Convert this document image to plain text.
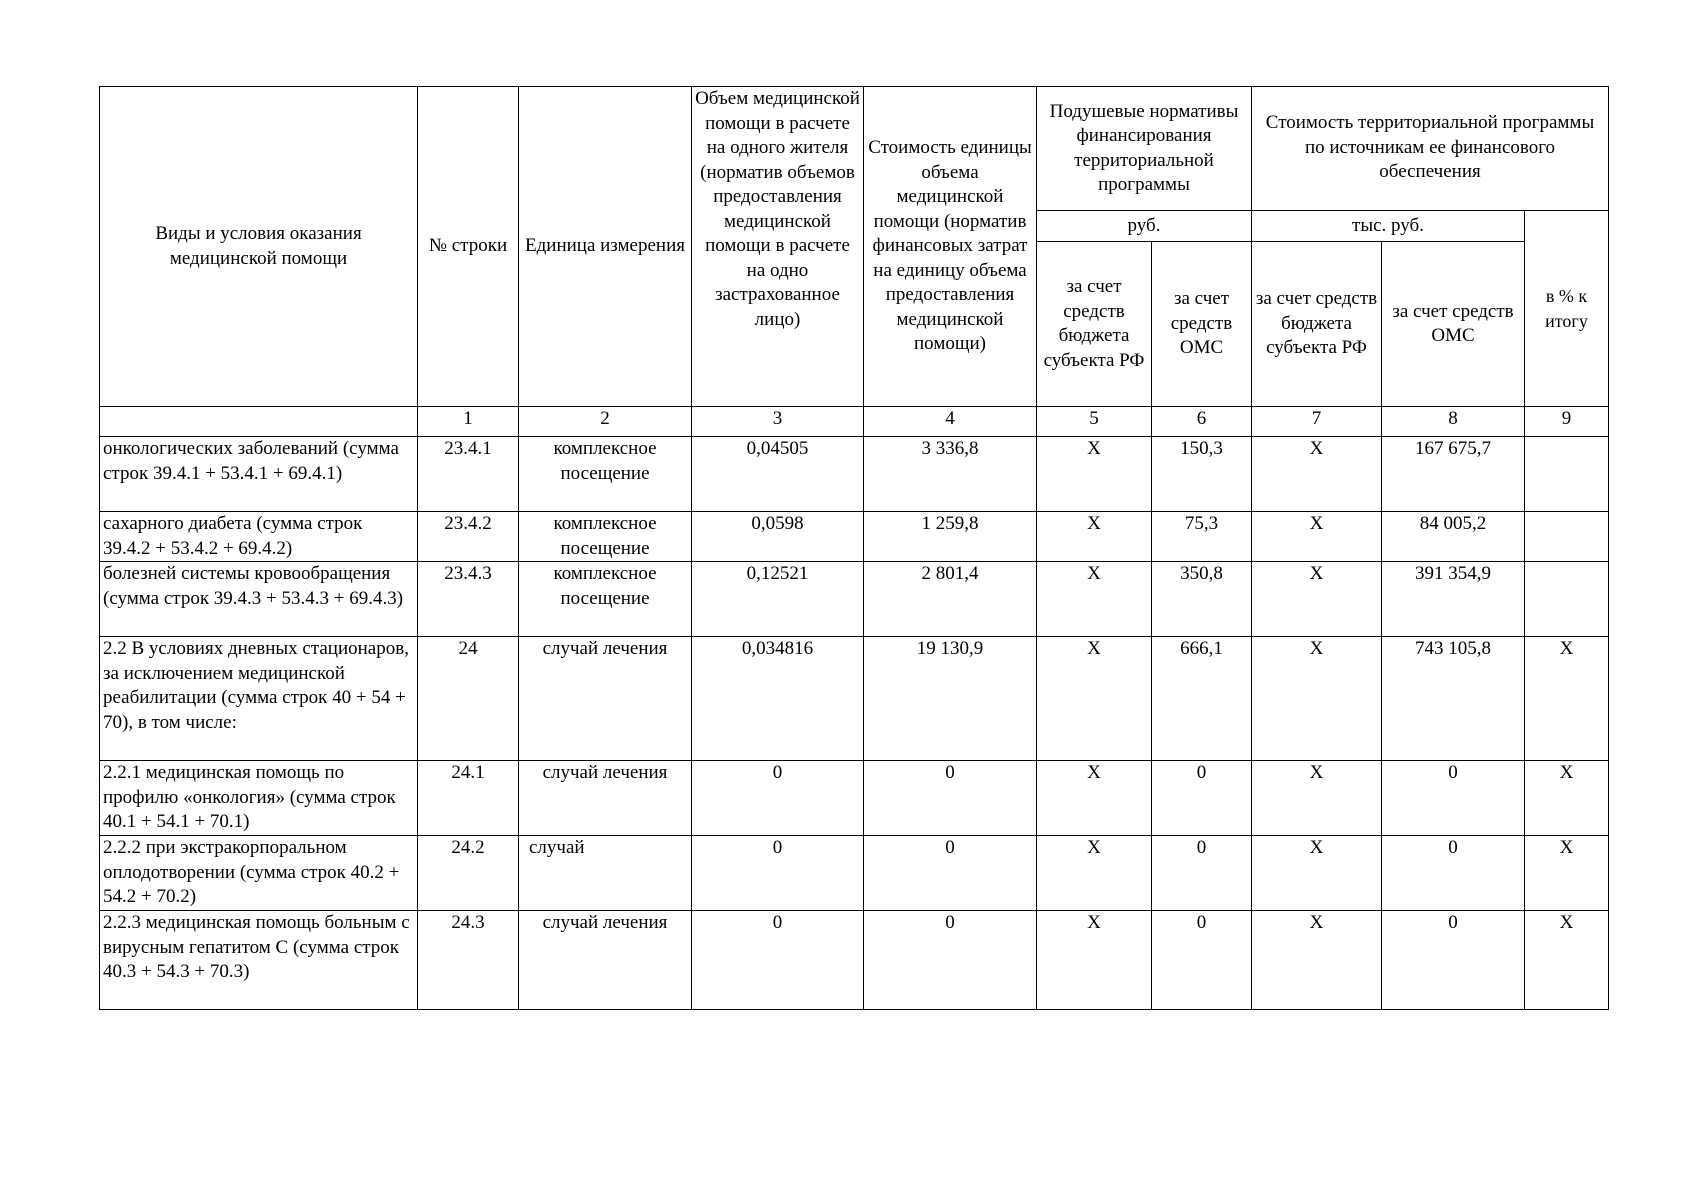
Виды и условия оказания медицинской помощи	№ строки	Единица измерения	Объем медицинской помощи в расчете на одного жителя (норматив объемов предоставления медицинской помощи в расчете на одно застрахованное лицо)	Стоимость единицы объема медицинской помощи (норматив финансовых затрат на единицу объема предоставления медицинской помощи)	Подушевые нормативы финансирования территориальной программы		Стоимость территориальной программы по источникам ее финансового обеспечения		
					руб.		тыс. руб.		в % к итогу
					за счет средств бюджета субъекта РФ	за счет средств ОМС	за счет средств бюджета субъекта РФ	за счет средств ОМС	
	1	2	3	4	5	6	7	8	9
онкологических заболеваний (сумма строк 39.4.1 + 53.4.1 + 69.4.1)	23.4.1	комплексное посещение	0,04505	3 336,8	X	150,3	X	167 675,7	
сахарного диабета (сумма строк 39.4.2 + 53.4.2 + 69.4.2)	23.4.2	комплексное посещение	0,0598	1 259,8	X	75,3	X	84 005,2	
болезней системы кровообращения (сумма строк 39.4.3 + 53.4.3 + 69.4.3)	23.4.3	комплексное посещение	0,12521	2 801,4	X	350,8	X	391 354,9	
2.2 В условиях дневных стационаров, за исключением медицинской реабилитации (сумма строк 40 + 54 + 70), в том числе:	24	случай лечения	0,034816	19 130,9	X	666,1	X	743 105,8	X
2.2.1 медицинская помощь по профилю «онкология» (сумма строк 40.1 + 54.1 + 70.1)	24.1	случай лечения	0	0	X	0	X	0	X
2.2.2 при экстракорпоральном оплодотворении (сумма строк 40.2 + 54.2 + 70.2)	24.2	случай	0	0	X	0	X	0	X
2.2.3 медицинская помощь больным с вирусным гепатитом С (сумма строк 40.3 + 54.3 + 70.3)	24.3	случай лечения	0	0	X	0	X	0	X
